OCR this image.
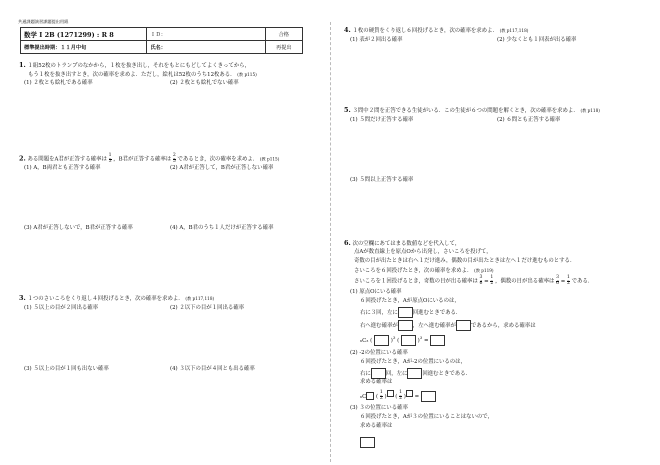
共通課題演習課題提出用紙
数学 I 2B (1271299) : R 8	ＩＤ：	合格
標準提出時期：１１月中旬	氏名：	再提出
1. １組52枚のトランプのなかから，１枚を抜き出し，それをもとにもどしてよくきってから，
もう１枚を抜き出すとき，次の確率を求めよ．ただし，絵札は52枚のうち12枚ある． (教 p115)
(1) ２枚とも絵札である確率	(2) ２枚とも絵札でない確率
2. ある問題をA君が正答する確率は $\frac{1}{3}$ ，B君が正答する確率は $\frac{2}{5}$ であるとき，次の確率を求めよ． (教 p115)
(1) A，B両君とも正答する確率	(2) A君が正答して，B君が正答しない確率
(3) A君が正答しないで，B君が正答する確率	(4) A，B君のうち１人だけが正答する確率
3. １つのさいころをくり返し４回投げるとき，次の確率を求めよ． (教 p117,118)
(1) ５以上の目が２回出る確率	(2) ２以下の目が１回出る確率
(3) ５以上の目が１回も出ない確率	(4) ３以下の目が４回とも出る確率
4. １枚の硬貨をくり返し６回投げるとき，次の確率を求めよ． (教 p117,118)
(1) 表が２回出る確率	(2) 少なくとも１回表が出る確率
5. ３問中２問を正答できる生徒がいる．この生徒が６つの問題を解くとき，次の確率を求めよ． (教 p118)
(1) ５問だけ正答する確率	(2) ６問とも正答する確率
(3) ５問以上正答する確率
6. 次の空欄にあてはまる数値などを代入して，
点Aが数直線上を原点Oから出発し，さいころを投げて，
奇数の目が出たときは右へ１だけ進み，偶数の目が出たときは左へ１だけ進むものとする．
さいころを６回投げたとき，次の確率を求めよ． (教 p119)
さいころを１回投げるとき，奇数の目が出る確率は $\frac{3}{6} = \frac{1}{2}$ ，偶数の目が出る確率は $\frac{3}{6} = \frac{1}{2}$ である．
(1) 原点Oにいる確率
６回投げたとき，Aが原点Oにいるのは，
右に３回，左に	回進むときである．
右へ進む確率が	，左へ進む確率が	であるから，求める確率は
₆C₃ (	)$^3$ (	)$^3$ =
(2) -2の位置にいる確率
６回投げたとき，Aが-2の位置にいるのは，
右に	回，左に	回進むときである．
求める確率は
₆C ( $\frac{1}{2}$ ) ( $\frac{1}{2}$ ) =
(3) ３の位置にいる確率
６回投げたとき，Aが３の位置にいることはないので，
求める確率は
